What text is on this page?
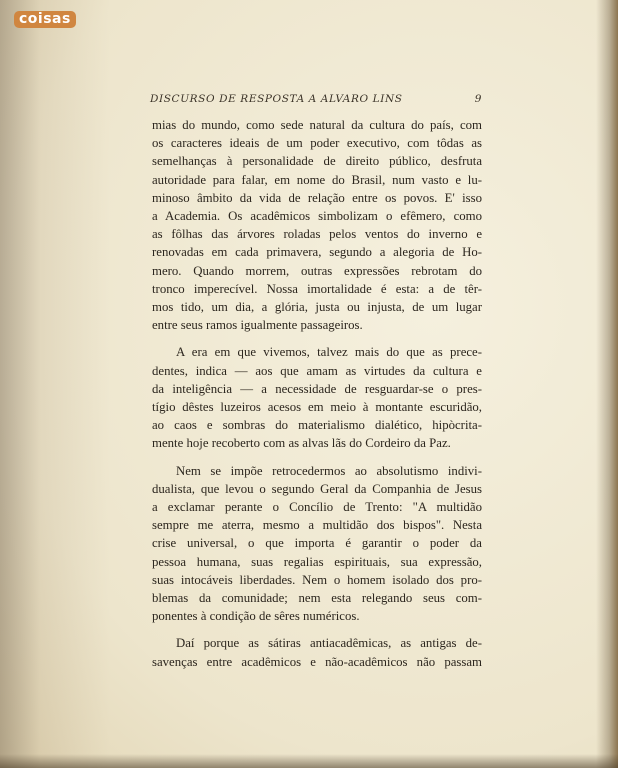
coisas
DISCURSO DE RESPOSTA A ALVARO LINS	9
mias do mundo, como sede natural da cultura do país, com
os caracteres ideais de um poder executivo, com tôdas as
semelhanças à personalidade de direito público, desfruta
autoridade para falar, em nome do Brasil, num vasto e lu-
minoso âmbito da vida de relação entre os povos. E' isso
a Academia. Os acadêmicos simbolizam o efêmero, como
as fôlhas das árvores roladas pelos ventos do inverno e
renovadas em cada primavera, segundo a alegoria de Ho-
mero. Quando morrem, outras expressões rebrotam do
tronco imperecível. Nossa imortalidade é esta: a de têr-
mos tido, um dia, a glória, justa ou injusta, de um lugar
entre seus ramos igualmente passageiros.
A era em que vivemos, talvez mais do que as prece-
dentes, indica — aos que amam as virtudes da cultura e
da inteligência — a necessidade de resguardar-se o pres-
tígio dêstes luzeiros acesos em meio à montante escuridão,
ao caos e sombras do materialismo dialético, hipòcrita-
mente hoje recoberto com as alvas lãs do Cordeiro da Paz.
Nem se impõe retrocedermos ao absolutismo indivi-
dualista, que levou o segundo Geral da Companhia de Jesus
a exclamar perante o Concílio de Trento: "A multidão
sempre me aterra, mesmo a multidão dos bispos". Nesta
crise universal, o que importa é garantir o poder da
pessoa humana, suas regalias espirituais, sua expressão,
suas intocáveis liberdades. Nem o homem isolado dos pro-
blemas da comunidade; nem esta relegando seus com-
ponentes à condição de sêres numéricos.
Daí porque as sátiras antiacadêmicas, as antigas de-
savenças entre acadêmicos e não-acadêmicos não passam
